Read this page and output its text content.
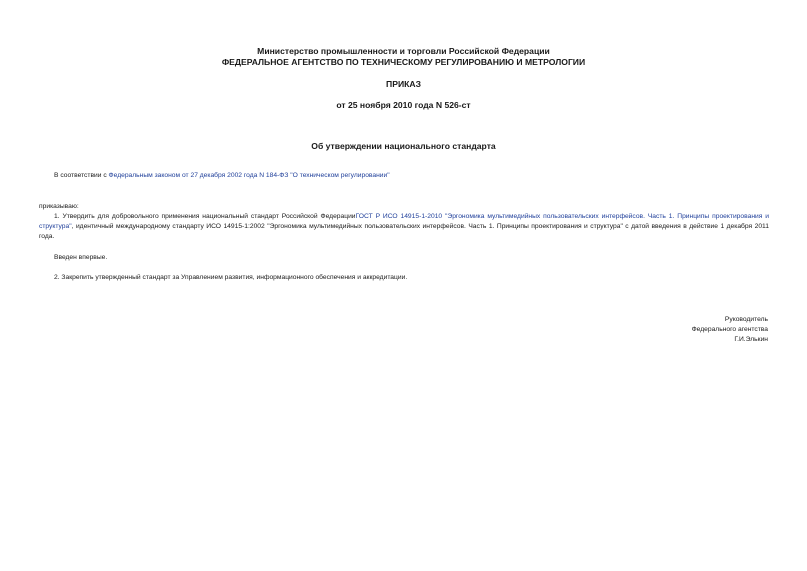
Министерство промышленности и торговли Российской Федерации
ФЕДЕРАЛЬНОЕ АГЕНТСТВО ПО ТЕХНИЧЕСКОМУ РЕГУЛИРОВАНИЮ И МЕТРОЛОГИИ
ПРИКАЗ
от 25 ноября 2010 года N 526-ст
Об утверждении национального стандарта
В соответствии с Федеральным законом от 27 декабря 2002 года N 184-ФЗ "О техническом регулировании"
приказываю:
1. Утвердить для добровольного применения национальный стандарт Российской ФедерацииГОСТ Р ИСО 14915-1-2010 "Эргономика мультимедийных пользовательских интерфейсов. Часть 1. Принципы проектирования и структура", идентичный международному стандарту ИСО 14915-1:2002 "Эргономика мультимедийных пользовательских интерфейсов. Часть 1. Принципы проектирования и структура" с датой введения в действие 1 декабря 2011 года.
Введен впервые.
2. Закрепить утвержденный стандарт за Управлением развития, информационного обеспечения и аккредитации.
Руководитель
Федерального агентства
Г.И.Элькин
